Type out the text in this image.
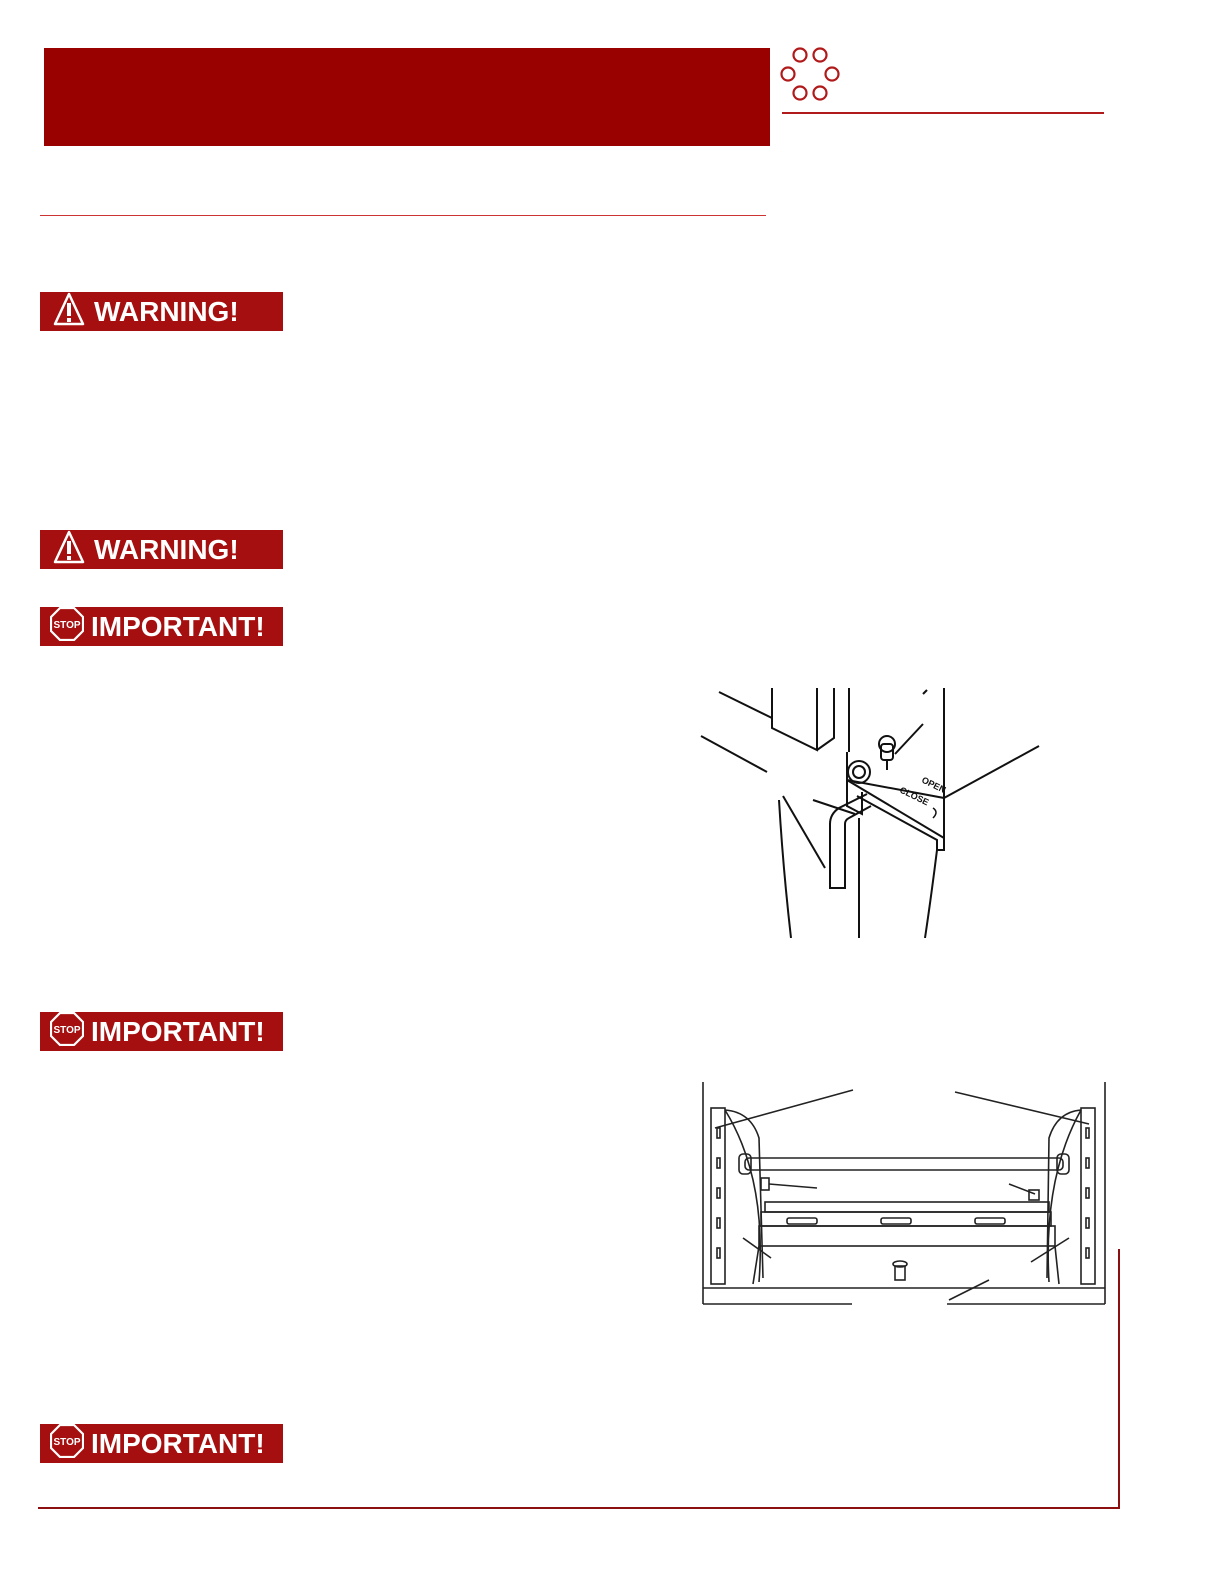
WARNING!
WARNING!
STOP IMPORTANT!
CLOSE
OPEN
STOP IMPORTANT!
STOP IMPORTANT!
